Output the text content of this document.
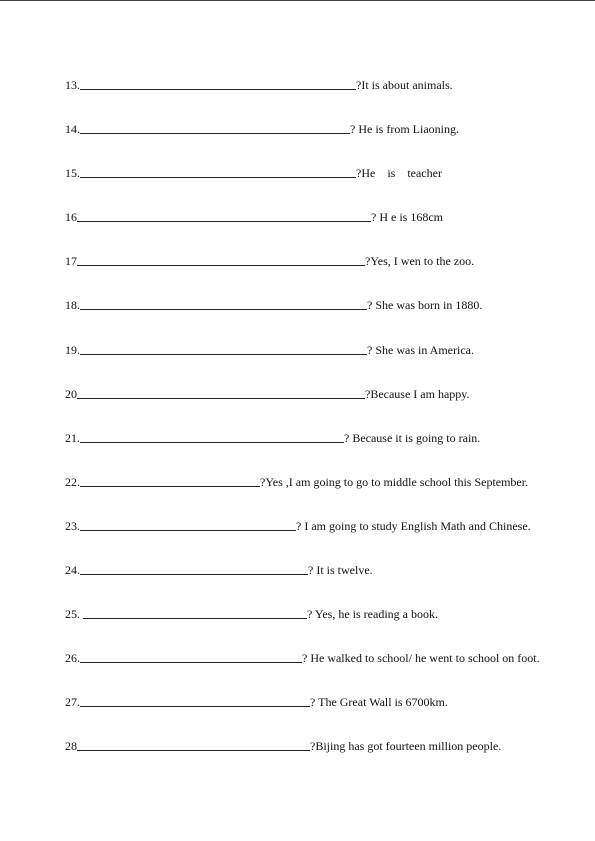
13.	?It is about animals.
14.	? He is from Liaoning.
15.	?He    is    teacher
16	? H e is 168cm
17	?Yes, I wen to the zoo.
18.	? She was born in 1880.
19.	? She was in America.
20	?Because I am happy.
21.	? Because it is going to rain.
22.	?Yes ,I am going to go to middle school this September.
23.	? I am going to study English Math and Chinese.
24.	? It is twelve.
25.	? Yes, he is reading a book.
26.	? He walked to school/ he went to school on foot.
27.	? The Great Wall is 6700km.
28	?Bijing has got fourteen million people.
